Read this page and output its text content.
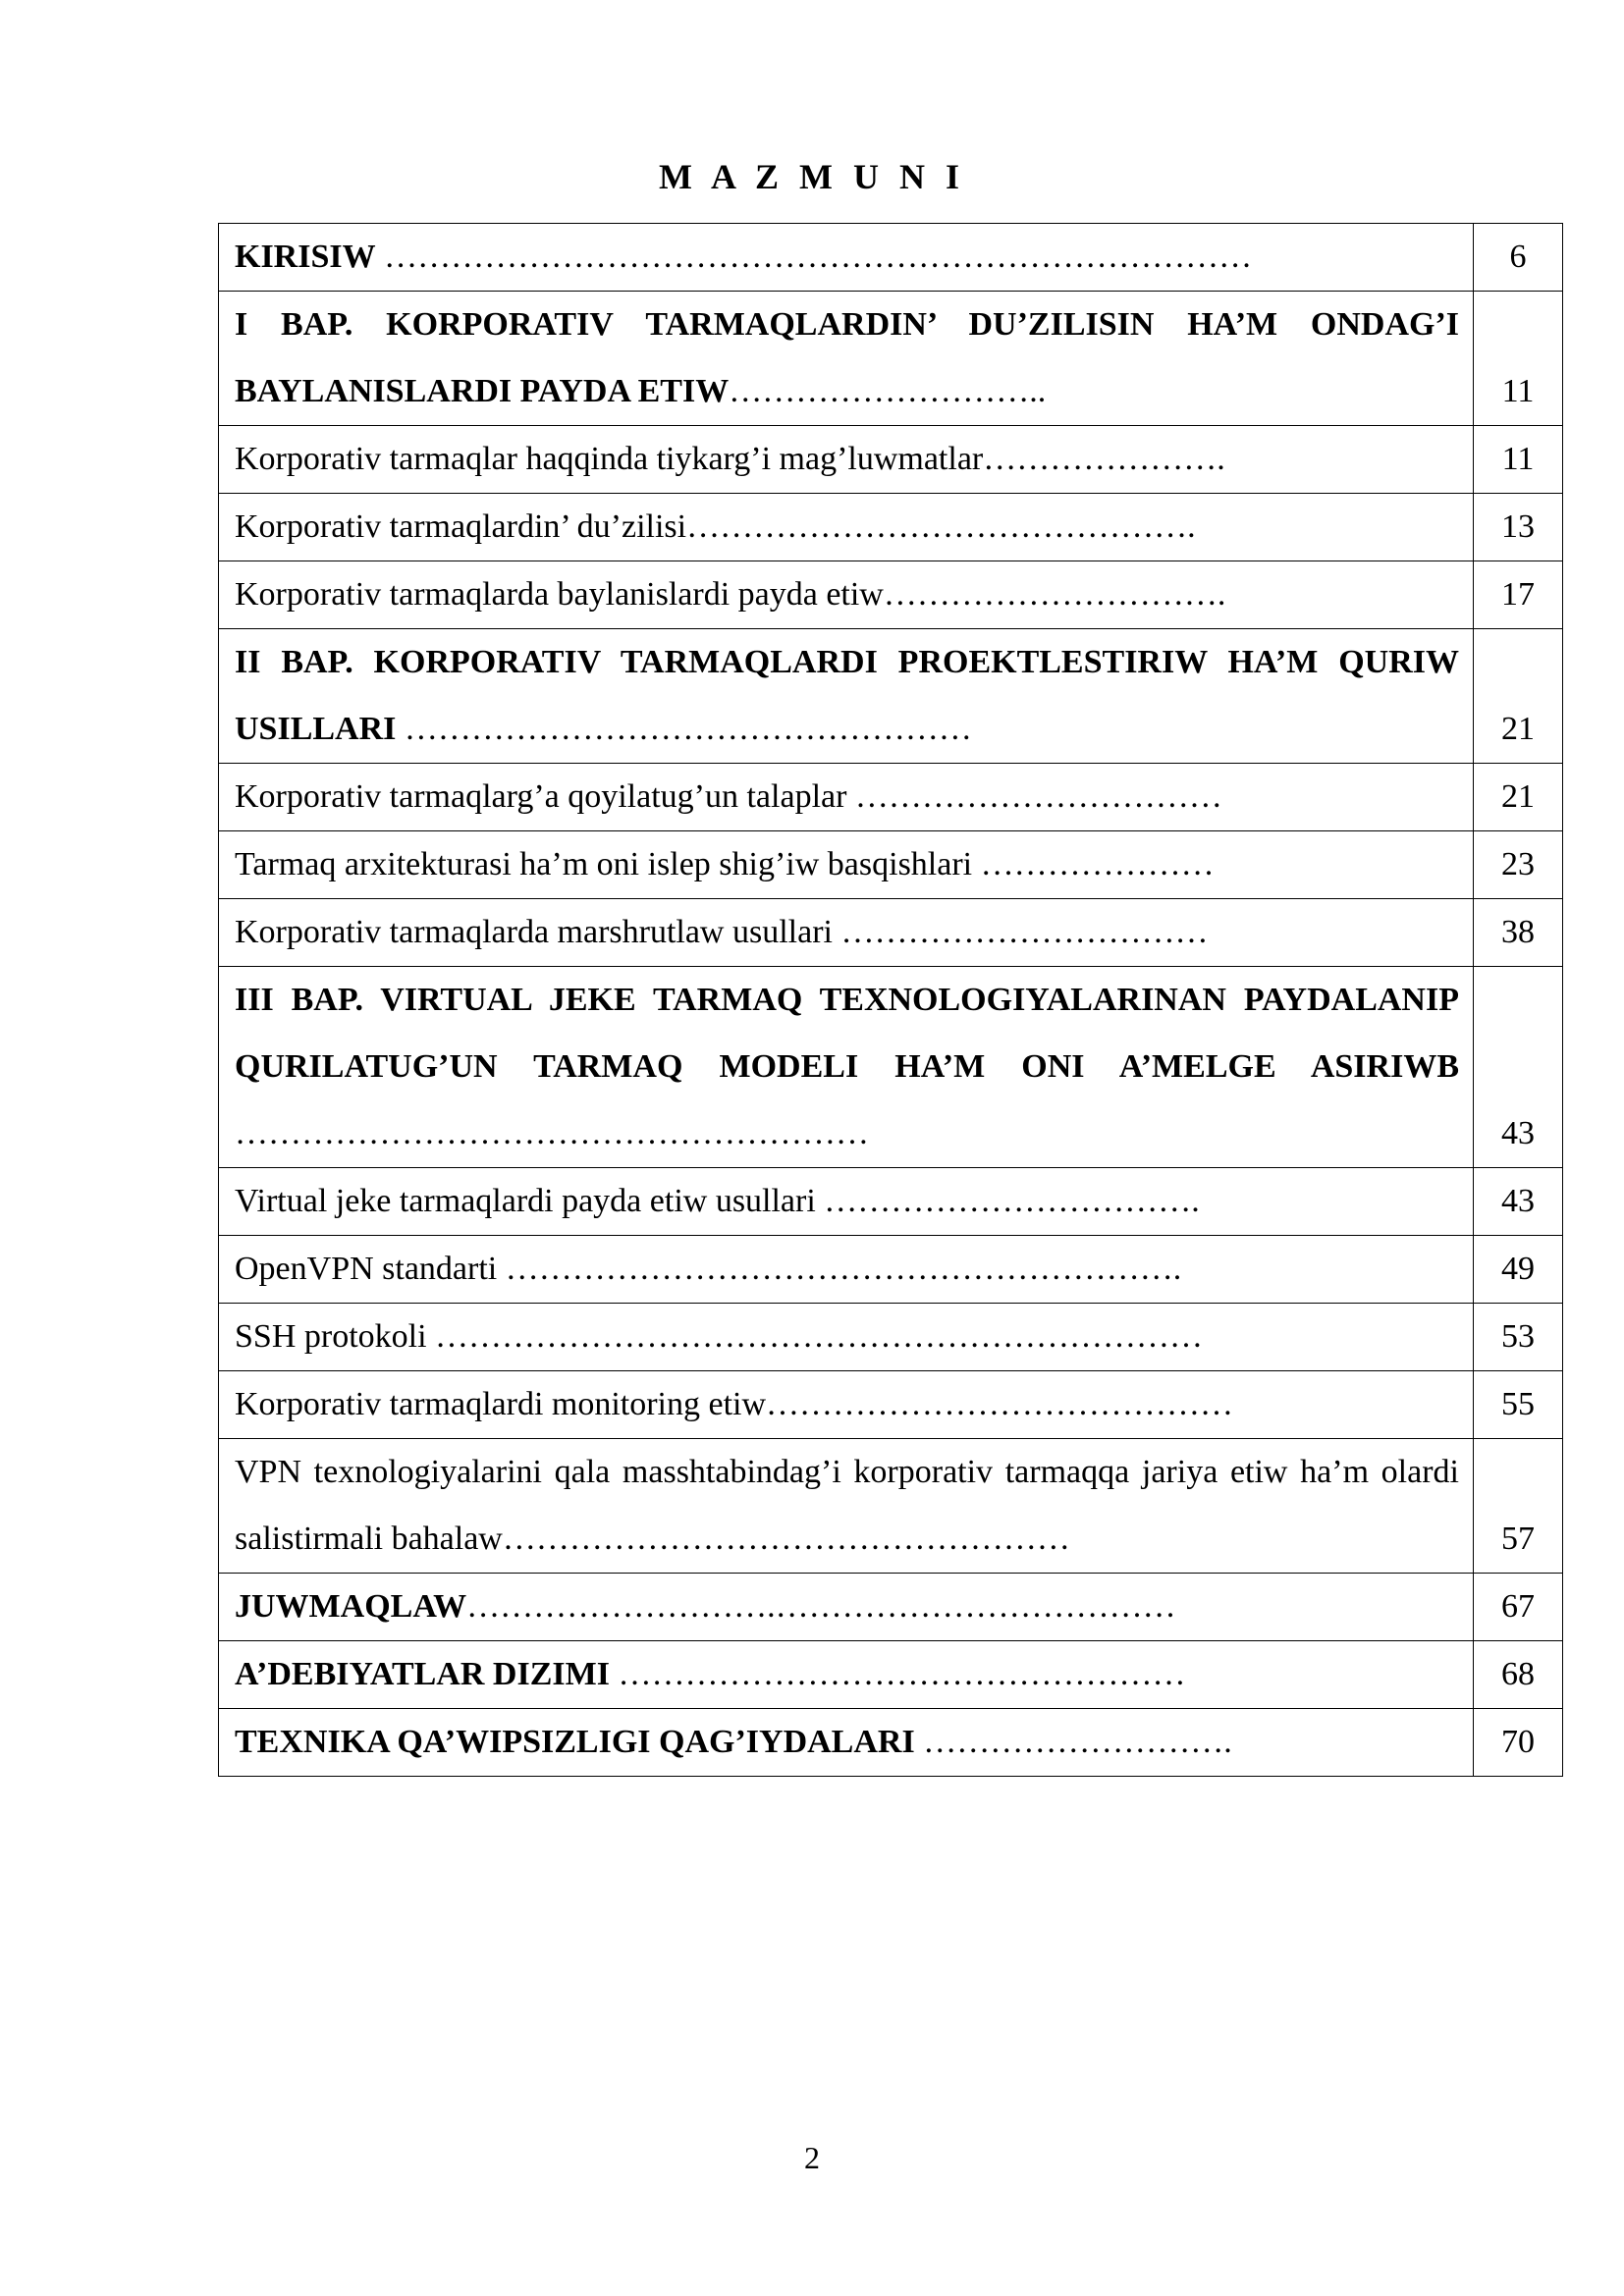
M A Z M U N I
KIRISIW ……………………………………………………………………	6
I BAP. KORPORATIV TARMAQLARDIN’ DU’ZILISIN HA’M ONDAG’I BAYLANISLARDI PAYDA ETIW………………………..	11
Korporativ tarmaqlar haqqinda tiykarg’i mag’luwmatlar………………….	11
Korporativ tarmaqlardin’ du’zilisi……………………………………….	13
Korporativ tarmaqlarda baylanislardi payda etiw………………………….	17
II BAP. KORPORATIV TARMAQLARDI PROEKTLESTIRIW HA’M QURIW USILLARI ……………………………………………	21
Korporativ tarmaqlarg’a qoyilatug’un talaplar ……………………………	21
Tarmaq arxitekturasi ha’m oni islep shig’iw basqishlari …………………	23
Korporativ tarmaqlarda marshrutlaw usullari ……………………………	38
III BAP. VIRTUAL JEKE TARMAQ TEXNOLOGIYALARINAN PAYDALANIP QURILATUG’UN TARMAQ MODELI HA’M ONI A’MELGE ASIRIWB …………………………………………………	43
Virtual jeke tarmaqlardi payda etiw usullari …………………………….	43
OpenVPN standarti …………………………………………………….	49
SSH protokoli ……………………………………………………………	53
Korporativ tarmaqlardi monitoring etiw……………………………………	55
VPN texnologiyalarini qala masshtabindag’i korporativ tarmaqqa jariya etiw ha’m olardi salistirmali bahalaw……………………………………………	57
JUWMAQLAW……………………….………………………………	67
A’DEBIYATLAR DIZIMI ……………………………………………	68
TEXNIKA QA’WIPSIZLIGI QAG’IYDALARI ……………………….	70
2
